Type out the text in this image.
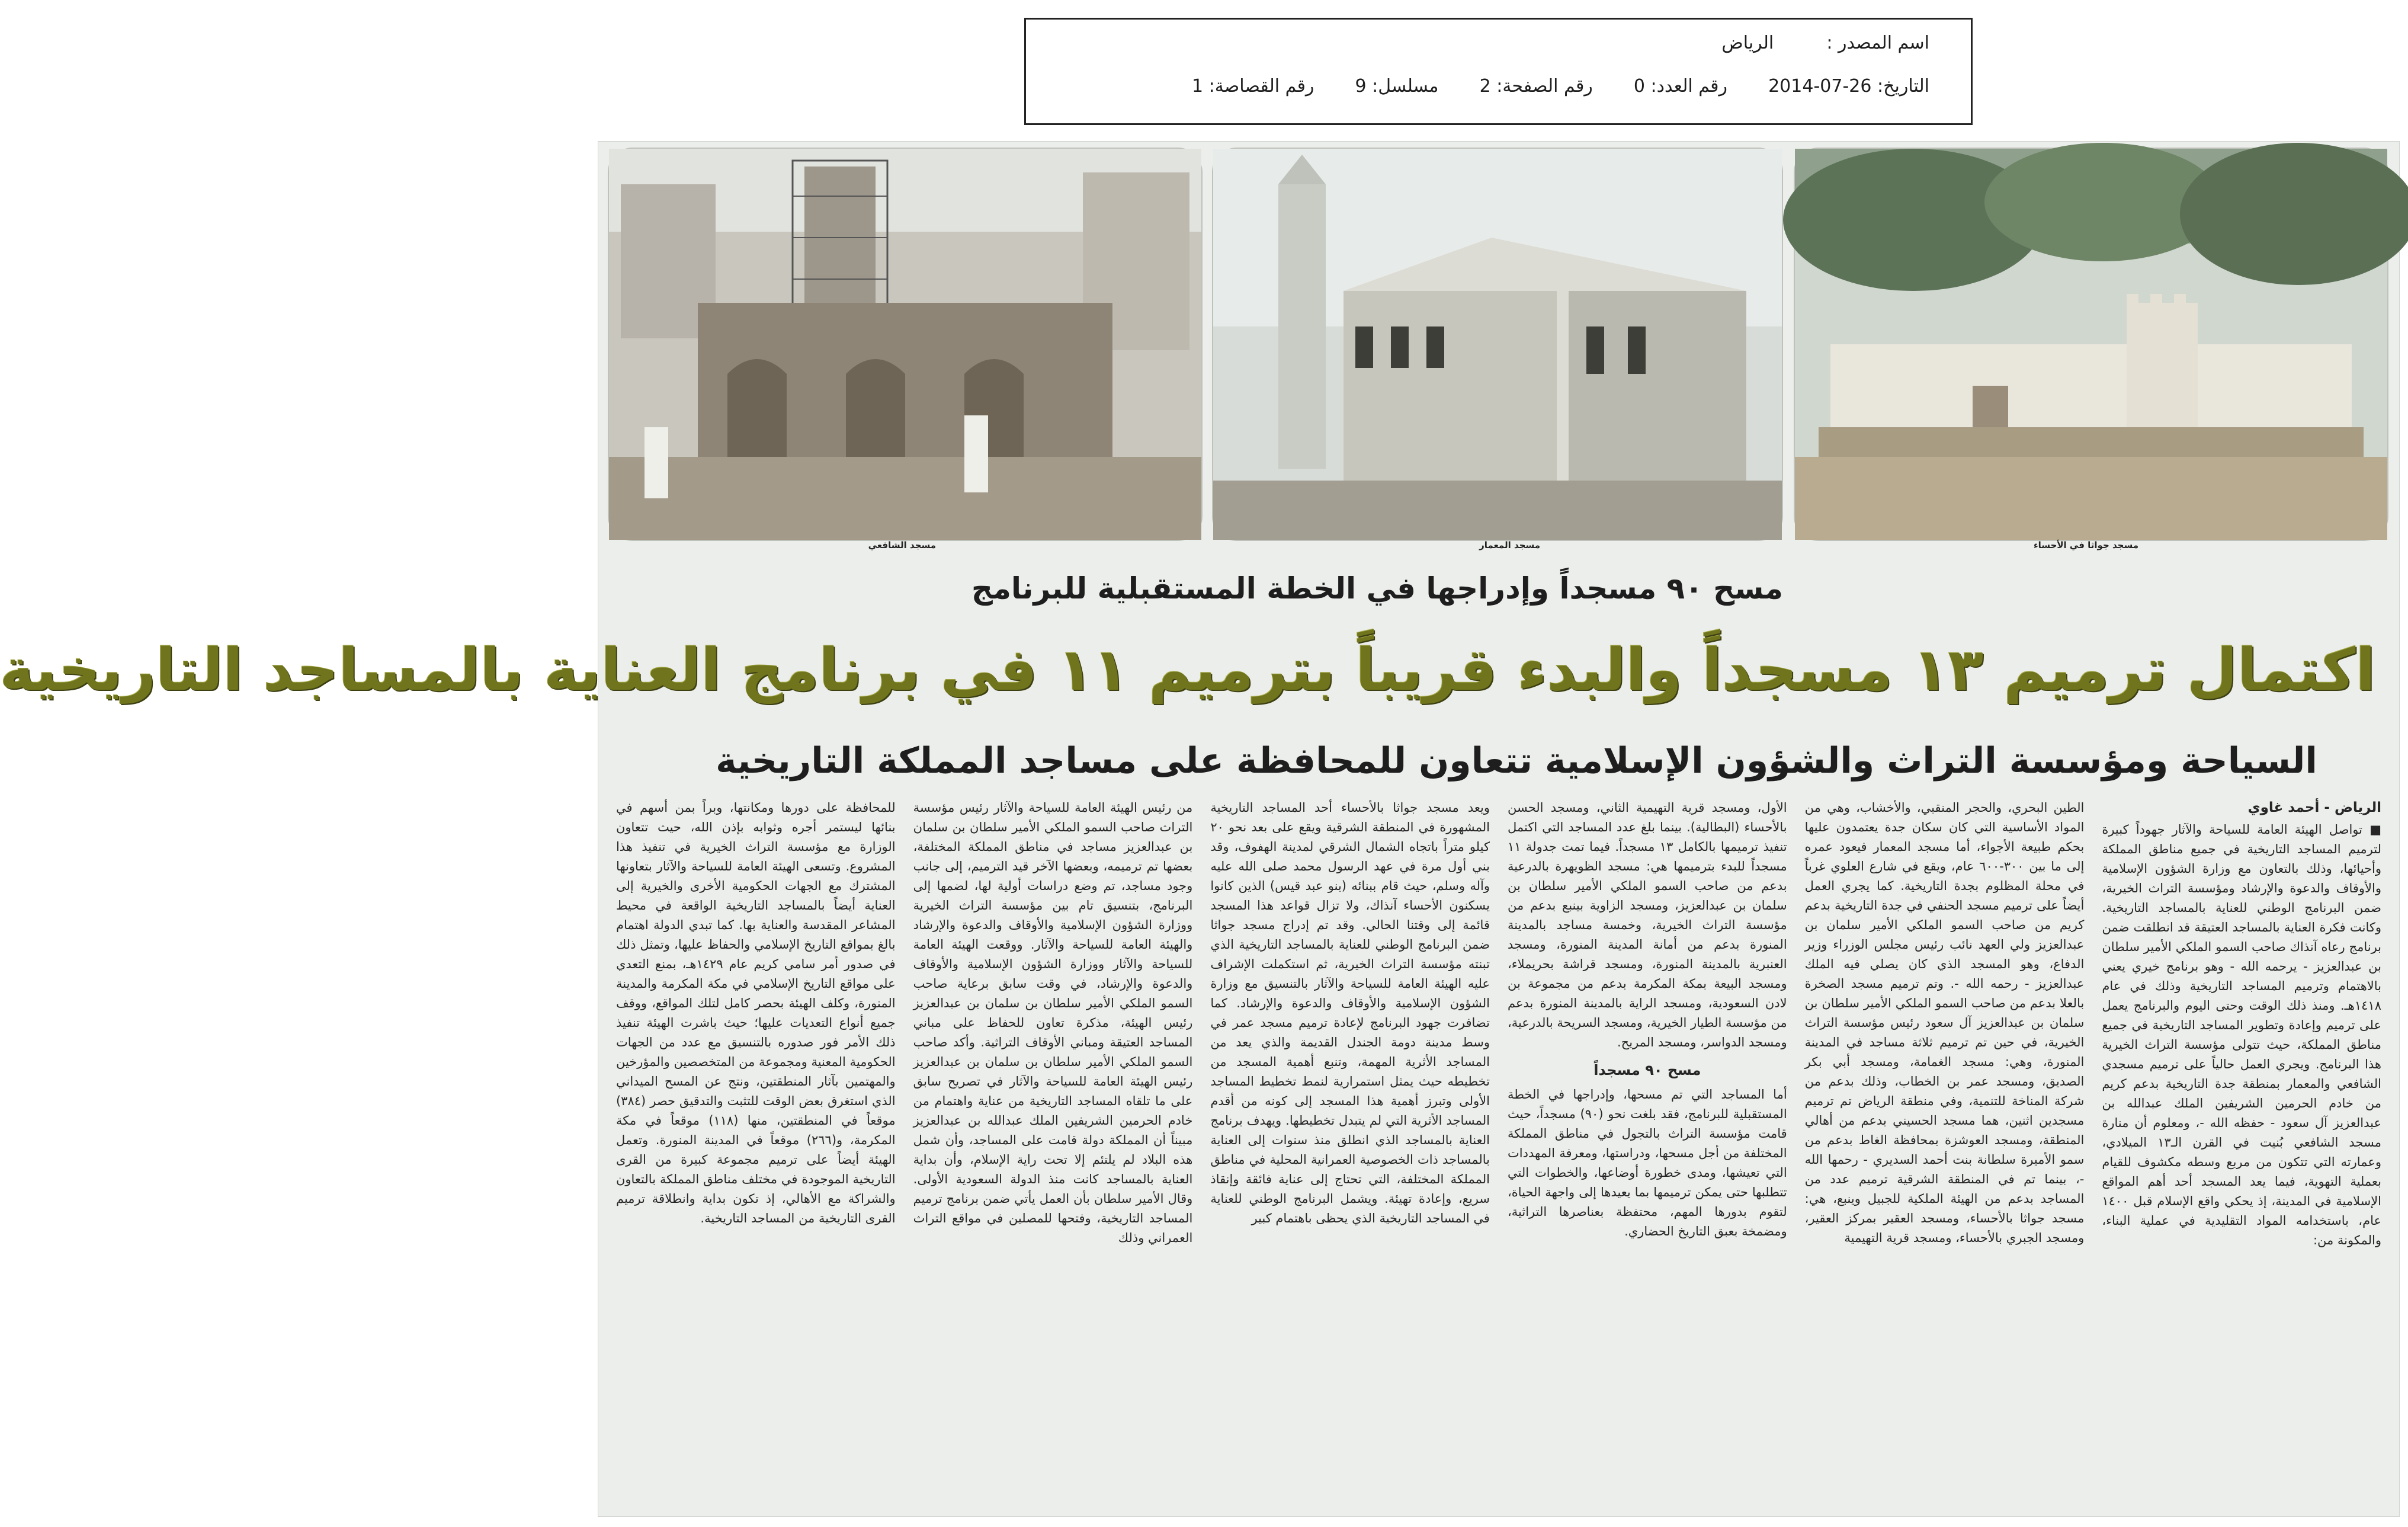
اسم المصدر :  الرياض
التاريخ: 26-07-2014  رقم العدد: 0  رقم الصفحة: 2  مسلسل: 9  رقم القصاصة: 1
مسجد جواثا في الأحساء
مسجد المعمار
مسجد الشافعي
مسح ٩٠ مسجداً وإدراجها في الخطة المستقبلية للبرنامج
اكتمال ترميم ١٣ مسجداً والبدء قريباً بترميم ١١ في برنامج العناية بالمساجد التاريخية
السياحة ومؤسسة التراث والشؤون الإسلامية تتعاون للمحافظة على مساجد المملكة التاريخية
الرياض - أحمد غاوي

■ تواصل الهيئة العامة للسياحة والآثار جهوداً كبيرة لترميم المساجد التاريخية في جميع مناطق المملكة وأحيائها، وذلك بالتعاون مع وزارة الشؤون الإسلامية والأوقاف والدعوة والإرشاد ومؤسسة التراث الخيرية، ضمن البرنامج الوطني للعناية بالمساجد التاريخية. وكانت فكرة العناية بالمساجد العتيقة قد انطلقت ضمن برنامج رعاه آنذاك صاحب السمو الملكي الأمير سلطان بن عبدالعزيز - يرحمه الله - وهو برنامج خيري يعني بالاهتمام وترميم المساجد التاريخية وذلك في عام ١٤١٨هـ. ومنذ ذلك الوقت وحتى اليوم والبرنامج يعمل على ترميم وإعادة وتطوير المساجد التاريخية في جميع مناطق المملكة، حيث تتولى مؤسسة التراث الخيرية هذا البرنامج. ويجري العمل حالياً على ترميم مسجدي الشافعي والمعمار بمنطقة جدة التاريخية بدعم كريم من خادم الحرمين الشريفين الملك عبدالله بن عبدالعزيز آل سعود - حفظه الله -، ومعلوم أن منارة مسجد الشافعي بُنيت في القرن الـ١٣ الميلادي، وعمارته التي تتكون من مربع وسطه مكشوف للقيام بعملية التهوية، فيما يعد المسجد أحد أهم المواقع الإسلامية في المدينة، إذ يحكي واقع الإسلام قبل ١٤٠٠ عام، باستخدامه المواد التقليدية في عملية البناء، والمكونة من:

الطين البحري، والحجر المنقبي، والأخشاب، وهي من المواد الأساسية التي كان سكان جدة يعتمدون عليها بحكم طبيعة الأجواء، أما مسجد المعمار فيعود عمره إلى ما بين ٣٠٠-٦٠٠ عام، ويقع في شارع العلوي غرباً في محلة المظلوم بجدة التاريخية. كما يجري العمل أيضاً على ترميم مسجد الحنفي في جدة التاريخية بدعم كريم من صاحب السمو الملكي الأمير سلمان بن عبدالعزيز ولي العهد نائب رئيس مجلس الوزراء وزير الدفاع، وهو المسجد الذي كان يصلي فيه الملك عبدالعزيز - رحمه الله -. وتم ترميم مسجد الصخرة بالعلا بدعم من صاحب السمو الملكي الأمير سلطان بن سلمان بن عبدالعزيز آل سعود رئيس مؤسسة التراث الخيرية، في حين تم ترميم ثلاثة مساجد في المدينة المنورة، وهي: مسجد الغمامة، ومسجد أبي بكر الصديق، ومسجد عمر بن الخطاب، وذلك بدعم من شركة المناخة للتنمية، وفي منطقة الرياض تم ترميم مسجدين اثنين، هما مسجد الحسيني بدعم من أهالي المنطقة، ومسجد العوشزة بمحافظة الغاط بدعم من سمو الأميرة سلطانة بنت أحمد السديري - رحمها الله -، بينما تم في المنطقة الشرقية ترميم عدد من المساجد بدعم من الهيئة الملكية للجبيل وينبع، هي: مسجد جواثا بالأحساء، ومسجد العقير بمركز العقير، ومسجد الجبري بالأحساء، ومسجد قرية التهيمية

الأول، ومسجد قرية التهيمية الثاني، ومسجد الحسن بالأحساء (البطالية). بينما بلغ عدد المساجد التي اكتمل تنفيذ ترميمها بالكامل ١٣ مسجداً. فيما تمت جدولة ١١ مسجداً للبدء بترميمها هي: مسجد الظويهرة بالدرعية بدعم من صاحب السمو الملكي الأمير سلطان بن سلمان بن عبدالعزيز، ومسجد الزاوية بينبع بدعم من مؤسسة التراث الخيرية، وخمسة مساجد بالمدينة المنورة بدعم من أمانة المدينة المنورة، ومسجد العنبرية بالمدينة المنورة، ومسجد قراشة بحريملاء، ومسجد البيعة بمكة المكرمة بدعم من مجموعة بن لادن السعودية، ومسجد الراية بالمدينة المنورة بدعم من مؤسسة الطيار الخيرية، ومسجد السريحة بالدرعية، ومسجد الدواسر، ومسجد المريح.

مسح ٩٠ مسجداً

أما المساجد التي تم مسحها، وإدراجها في الخطة المستقبلية للبرنامج، فقد بلغت نحو (٩٠) مسجداً، حيث قامت مؤسسة التراث بالتجول في مناطق المملكة المختلفة من أجل مسحها، ودراستها، ومعرفة المهددات التي تعيشها، ومدى خطورة أوضاعها، والخطوات التي تتطلبها حتى يمكن ترميمها بما يعيدها إلى واجهة الحياة، لتقوم بدورها المهم، محتفظة بعناصرها التراثية، ومضمخة بعبق التاريخ الحضاري.

ويعد مسجد جواثا بالأحساء أحد المساجد التاريخية المشهورة في المنطقة الشرقية ويقع على بعد نحو ٢٠ كيلو متراً باتجاه الشمال الشرقي لمدينة الهفوف، وقد بني أول مرة في عهد الرسول محمد صلى الله عليه وآله وسلم، حيث قام ببنائه (بنو عبد قيس) الذين كانوا يسكنون الأحساء آنذاك، ولا تزال قواعد هذا المسجد قائمة إلى وقتنا الحالي. وقد تم إدراج مسجد جواثا ضمن البرنامج الوطني للعناية بالمساجد التاريخية الذي تبنته مؤسسة التراث الخيرية، ثم استكملت الإشراف عليه الهيئة العامة للسياحة والآثار بالتنسيق مع وزارة الشؤون الإسلامية والأوقاف والدعوة والإرشاد. كما تضافرت جهود البرنامج لإعادة ترميم مسجد عمر في وسط مدينة دومة الجندل القديمة والذي يعد من المساجد الأثرية المهمة، وتنبع أهمية المسجد من تخطيطه حيث يمثل استمرارية لنمط تخطيط المساجد الأولى وتبرز أهمية هذا المسجد إلى كونه من أقدم المساجد الأثرية التي لم يتبدل تخطيطها. ويهدف برنامج العناية بالمساجد الذي انطلق منذ سنوات إلى العناية بالمساجد ذات الخصوصية العمرانية المحلية في مناطق المملكة المختلفة، التي تحتاج إلى عناية فائقة وإنقاذ سريع، وإعادة تهيئة. ويشمل البرنامج الوطني للعناية في المساجد التاريخية الذي يحظى باهتمام كبير

من رئيس الهيئة العامة للسياحة والآثار رئيس مؤسسة التراث صاحب السمو الملكي الأمير سلطان بن سلمان بن عبدالعزيز مساجد في مناطق المملكة المختلفة، بعضها تم ترميمه، وبعضها الآخر قيد الترميم، إلى جانب وجود مساجد، تم وضع دراسات أولية لها، لضمها إلى البرنامج، بتنسيق تام بين مؤسسة التراث الخيرية ووزارة الشؤون الإسلامية والأوقاف والدعوة والإرشاد والهيئة العامة للسياحة والآثار. ووقعت الهيئة العامة للسياحة والآثار ووزارة الشؤون الإسلامية والأوقاف والدعوة والإرشاد، في وقت سابق برعاية صاحب السمو الملكي الأمير سلطان بن سلمان بن عبدالعزيز رئيس الهيئة، مذكرة تعاون للحفاظ على مباني المساجد العتيقة ومباني الأوقاف التراثية. وأكد صاحب السمو الملكي الأمير سلطان بن سلمان بن عبدالعزيز رئيس الهيئة العامة للسياحة والآثار في تصريح سابق على ما تلقاه المساجد التاريخية من عناية واهتمام من خادم الحرمين الشريفين الملك عبدالله بن عبدالعزيز مبيناً أن المملكة دولة قامت على المساجد، وأن شمل هذه البلاد لم يلتئم إلا تحت راية الإسلام، وأن بداية العناية بالمساجد كانت منذ الدولة السعودية الأولى. وقال الأمير سلطان بأن العمل يأتي ضمن برنامج ترميم المساجد التاريخية، وفتحها للمصلين في مواقع التراث العمراني وذلك

للمحافظة على دورها ومكانتها، وبراً بمن أسهم في بنائها ليستمر أجره وثوابه بإذن الله، حيث تتعاون الوزارة مع مؤسسة التراث الخيرية في تنفيذ هذا المشروع. وتسعى الهيئة العامة للسياحة والآثار بتعاونها المشترك مع الجهات الحكومية الأخرى والخيرية إلى العناية أيضاً بالمساجد التاريخية الواقعة في محيط المشاعر المقدسة والعناية بها. كما تبدي الدولة اهتمام بالغ بمواقع التاريخ الإسلامي والحفاظ عليها، وتمثل ذلك في صدور أمر سامي كريم عام ١٤٢٩هـ، بمنع التعدي على مواقع التاريخ الإسلامي في مكة المكرمة والمدينة المنورة، وكلف الهيئة بحصر كامل لتلك المواقع، ووقف جميع أنواع التعديات عليها؛ حيث باشرت الهيئة تنفيذ ذلك الأمر فور صدوره بالتنسيق مع عدد من الجهات الحكومية المعنية ومجموعة من المتخصصين والمؤرخين والمهتمين بآثار المنطقتين، ونتج عن المسح الميداني الذي استغرق بعض الوقت للتثبت والتدقيق حصر (٣٨٤) موقعاً في المنطقتين، منها (١١٨) موقعاً في مكة المكرمة، و(٢٦٦) موقعاً في المدينة المنورة. وتعمل الهيئة أيضاً على ترميم مجموعة كبيرة من القرى التاريخية الموجودة في مختلف مناطق المملكة بالتعاون والشراكة مع الأهالي، إذ تكون بداية وانطلاقة ترميم القرى التاريخية من المساجد التاريخية.
